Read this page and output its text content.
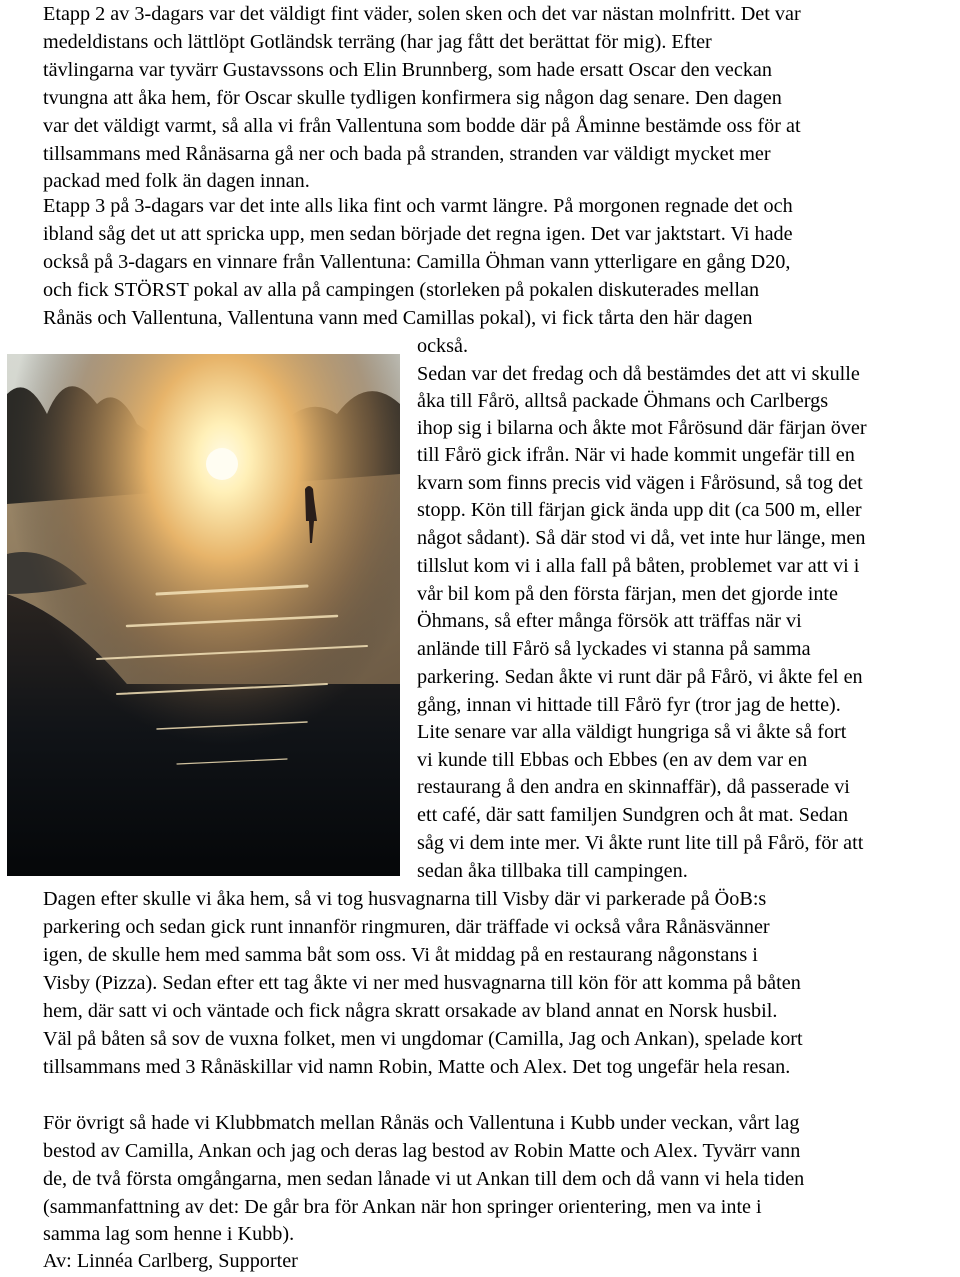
Etapp 2 av 3-dagars var det väldigt fint väder, solen sken och det var nästan molnfritt. Det var
medeldistans och lättlöpt Gotländsk terräng (har jag fått det berättat för mig). Efter
tävlingarna var tyvärr Gustavssons och Elin Brunnberg, som hade ersatt Oscar den veckan
tvungna att åka hem, för Oscar skulle tydligen konfirmera sig någon dag senare. Den dagen
var det väldigt varmt, så alla vi från Vallentuna som bodde där på Åminne bestämde oss för at
tillsammans med Rånäsarna gå ner och bada på stranden, stranden var väldigt mycket mer
packad med folk än dagen innan.
Etapp 3 på 3-dagars var det inte alls lika fint och varmt längre. På morgonen regnade det och
ibland såg det ut att spricka upp, men sedan började det regna igen. Det var jaktstart. Vi hade
också på 3-dagars en vinnare från Vallentuna: Camilla Öhman vann ytterligare en gång D20,
och fick STÖRST pokal av alla på campingen (storleken på pokalen diskuterades mellan
Rånäs och Vallentuna, Vallentuna vann med Camillas pokal), vi fick tårta den här dagen
också.
Sedan var det fredag och då bestämdes det att vi skulle
åka till Fårö, alltså packade Öhmans och Carlbergs
ihop sig i bilarna och åkte mot Fårösund där färjan över
till Fårö gick ifrån. När vi hade kommit ungefär till en
kvarn som finns precis vid vägen i Fårösund, så tog det
stopp. Kön till färjan gick ända upp dit (ca 500 m, eller
något sådant). Så där stod vi då, vet inte hur länge, men
tillslut kom vi i alla fall på båten, problemet var att vi i
vår bil kom på den första färjan, men det gjorde inte
Öhmans, så efter många försök att träffas när vi
anlände till Fårö så lyckades vi stanna på samma
parkering. Sedan åkte vi runt där på Fårö, vi åkte fel en
gång, innan vi hittade till Fårö fyr (tror jag de hette).
Lite senare var alla väldigt hungriga så vi åkte så fort
vi kunde till Ebbas och Ebbes (en av dem var en
restaurang å den andra en skinnaffär), då passerade vi
ett café, där satt familjen Sundgren och åt mat. Sedan
såg vi dem inte mer. Vi åkte runt lite till på Fårö, för att
sedan åka tillbaka till campingen.
Dagen efter skulle vi åka hem, så vi tog husvagnarna till Visby där vi parkerade på ÖoB:s
parkering och sedan gick runt innanför ringmuren, där träffade vi också våra Rånäsvänner
igen, de skulle hem med samma båt som oss. Vi åt middag på en restaurang någonstans i
Visby (Pizza). Sedan efter ett tag åkte vi ner med husvagnarna till kön för att komma på båten
hem, där satt vi och väntade och fick några skratt orsakade av bland annat en Norsk husbil.
Väl på båten så sov de vuxna folket, men vi ungdomar (Camilla, Jag och Ankan), spelade kort
tillsammans med 3 Rånäskillar vid namn Robin, Matte och Alex. Det tog ungefär hela resan.
För övrigt så hade vi Klubbmatch mellan Rånäs och Vallentuna i Kubb under veckan, vårt lag
bestod av Camilla, Ankan och jag och deras lag bestod av Robin Matte och Alex. Tyvärr vann
de, de två första omgångarna, men sedan lånade vi ut Ankan till dem och då vann vi hela tiden
(sammanfattning av det: De går bra för Ankan när hon springer orientering, men va inte i
samma lag som henne i Kubb).
Av: Linnéa Carlberg, Supporter
